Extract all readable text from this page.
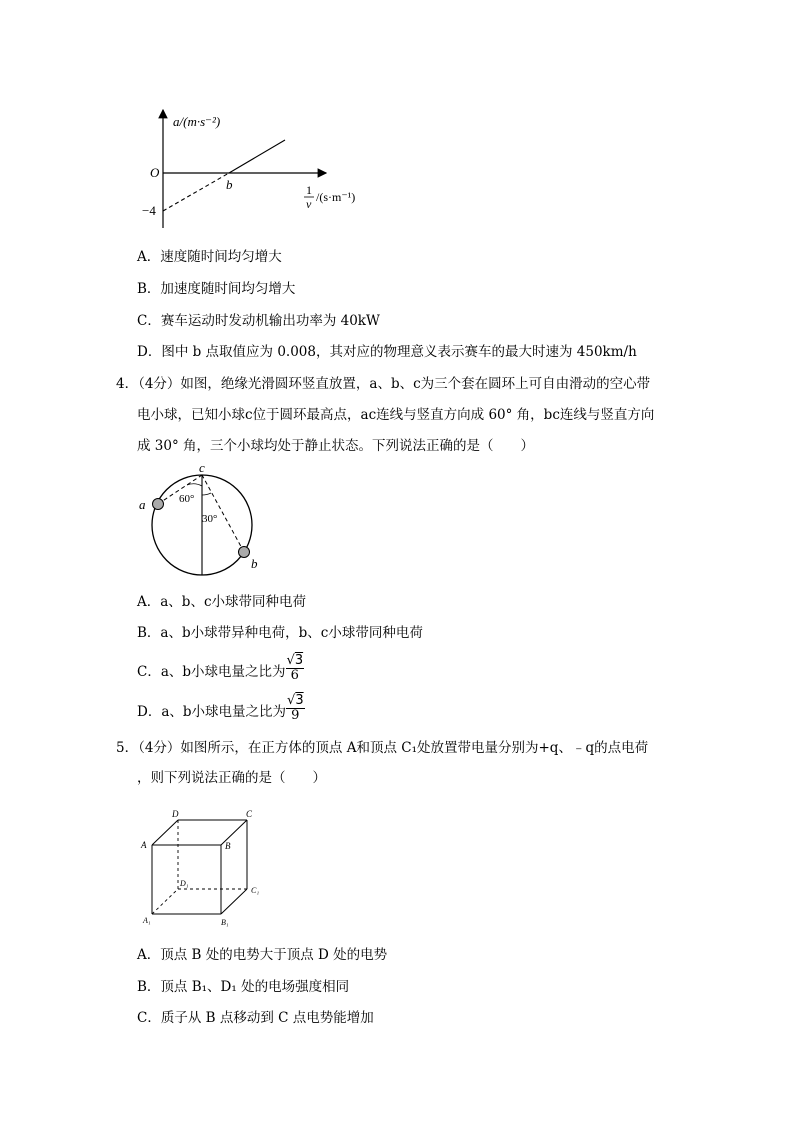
a/(m·s⁻²)
O
b
−4
1
v /(s·m⁻¹)
A．速度随时间均匀增大
B．加速度随时间均匀增大
C．赛车运动时发动机输出功率为 40kW
D．图中 b 点取值应为 0.008，其对应的物理意义表示赛车的最大时速为 450km/h
4．（4分）如图，绝缘光滑圆环竖直放置，a、b、c为三个套在圆环上可自由滑动的空心带
电小球，已知小球c位于圆环最高点，ac连线与竖直方向成 60° 角，bc连线与竖直方向
成 30° 角，三个小球均处于静止状态。下列说法正确的是（　　）
c
a
b
60°
30°
A．a、b、c小球带同种电荷
B．a、b小球带异种电荷，b、c小球带同种电荷
C．a、b小球电量之比为 $\frac{√3}{6}$
D．a、b小球电量之比为 $\frac{√3}{9}$
5．（4分）如图所示，在正方体的顶点 A和顶点 C₁处放置带电量分别为+q、﹣q的点电荷
，则下列说法正确的是（　　）
D	C
A	B
D₁
C₁
A₁	B₁
A．顶点 B 处的电势大于顶点 D 处的电势
B．顶点 B₁、D₁ 处的电场强度相同
C．质子从 B 点移动到 C 点电势能增加
